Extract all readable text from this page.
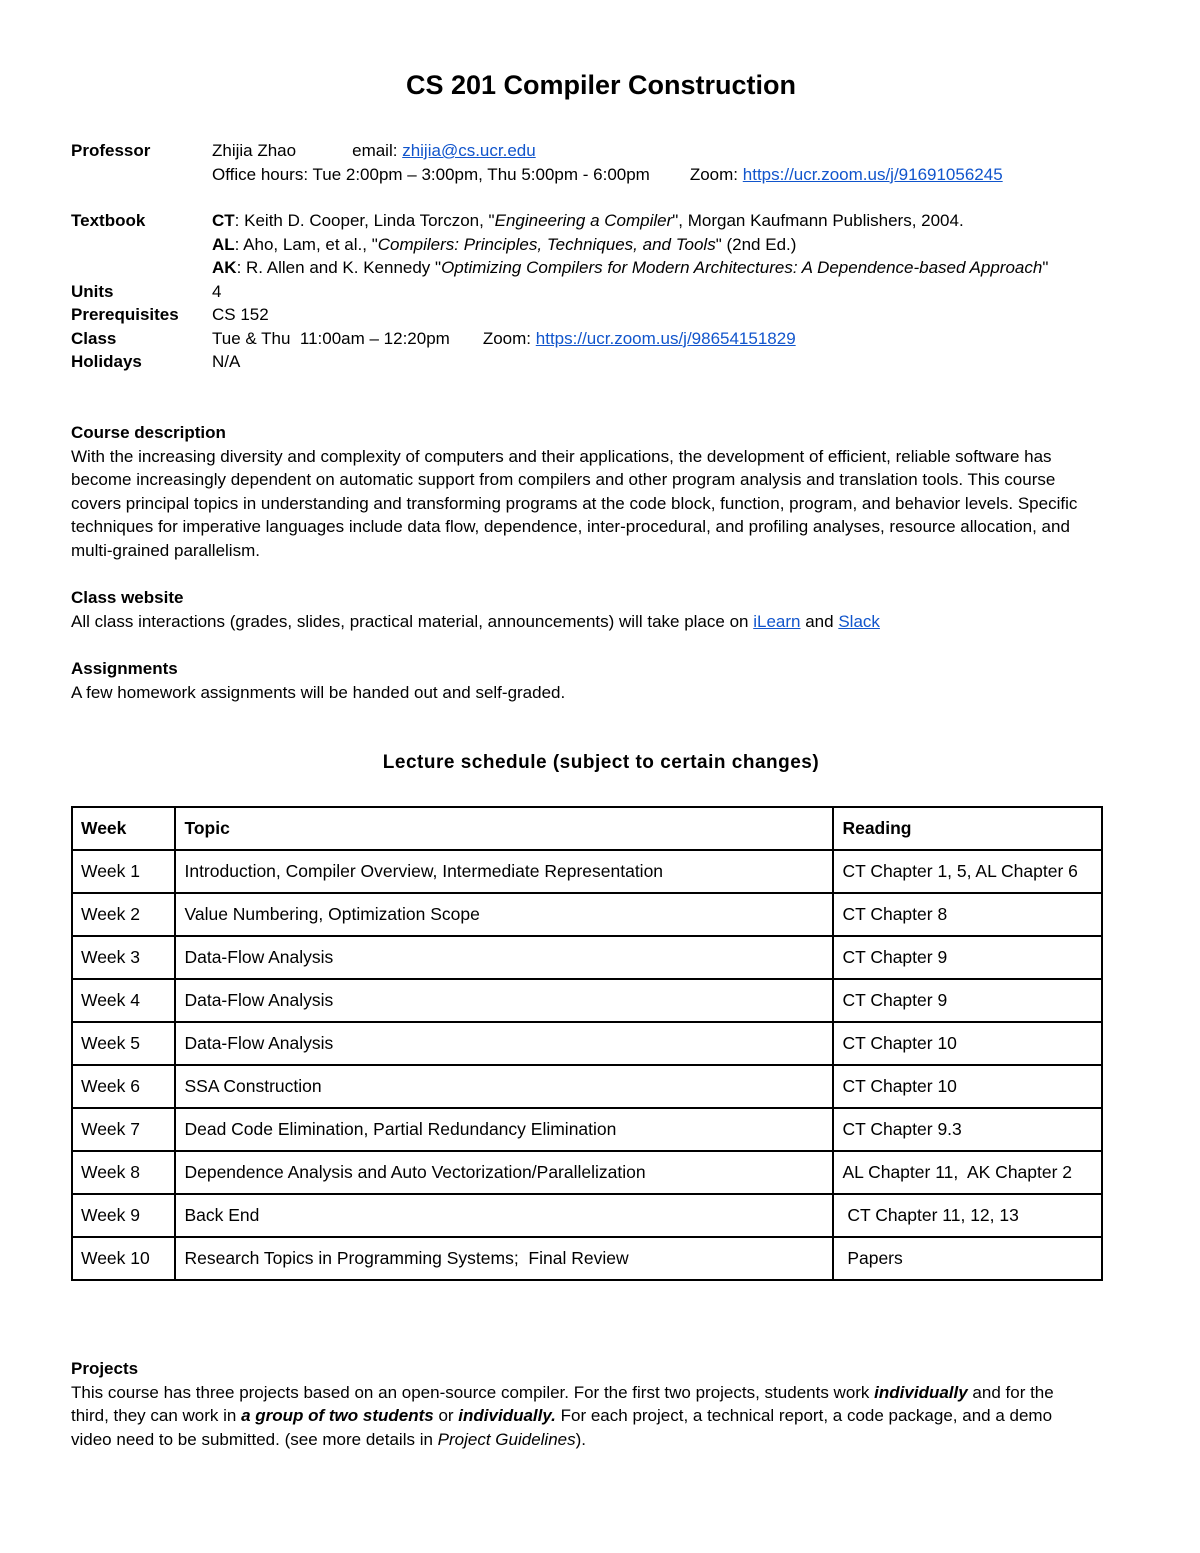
CS 201 Compiler Construction
Professor	Zhijia Zhao	email: zhijia@cs.ucr.edu
Office hours: Tue 2:00pm – 3:00pm, Thu 5:00pm - 6:00pm Zoom: https://ucr.zoom.us/j/91691056245
Textbook	CT: Keith D. Cooper, Linda Torczon, "Engineering a Compiler", Morgan Kaufmann Publishers, 2004.
AL: Aho, Lam, et al., "Compilers: Principles, Techniques, and Tools" (2nd Ed.)
AK: R. Allen and K. Kennedy "Optimizing Compilers for Modern Architectures: A Dependence-based Approach"
Units	4
Prerequisites	CS 152
Class	Tue & Thu  11:00am – 12:20pm Zoom: https://ucr.zoom.us/j/98654151829
Holidays	N/A
Course description
With the increasing diversity and complexity of computers and their applications, the development of efficient, reliable software has
become increasingly dependent on automatic support from compilers and other program analysis and translation tools. This course
covers principal topics in understanding and transforming programs at the code block, function, program, and behavior levels. Specific
techniques for imperative languages include data flow, dependence, inter-procedural, and profiling analyses, resource allocation, and
multi-grained parallelism.
Class website
All class interactions (grades, slides, practical material, announcements) will take place on iLearn and Slack
Assignments
A few homework assignments will be handed out and self-graded.
Lecture schedule (subject to certain changes)
Week	Topic	Reading
Week 1	Introduction, Compiler Overview, Intermediate Representation	CT Chapter 1, 5, AL Chapter 6
Week 2	Value Numbering, Optimization Scope	CT Chapter 8
Week 3	Data-Flow Analysis	CT Chapter 9
Week 4	Data-Flow Analysis	CT Chapter 9
Week 5	Data-Flow Analysis	CT Chapter 10
Week 6	SSA Construction	CT Chapter 10
Week 7	Dead Code Elimination, Partial Redundancy Elimination	CT Chapter 9.3
Week 8	Dependence Analysis and Auto Vectorization/Parallelization	AL Chapter 11,  AK Chapter 2
Week 9	Back End	CT Chapter 11, 12, 13
Week 10	Research Topics in Programming Systems;  Final Review	Papers
Projects
This course has three projects based on an open-source compiler. For the first two projects, students work individually and for the
third, they can work in a group of two students or individually. For each project, a technical report, a code package, and a demo
video need to be submitted. (see more details in Project Guidelines).
